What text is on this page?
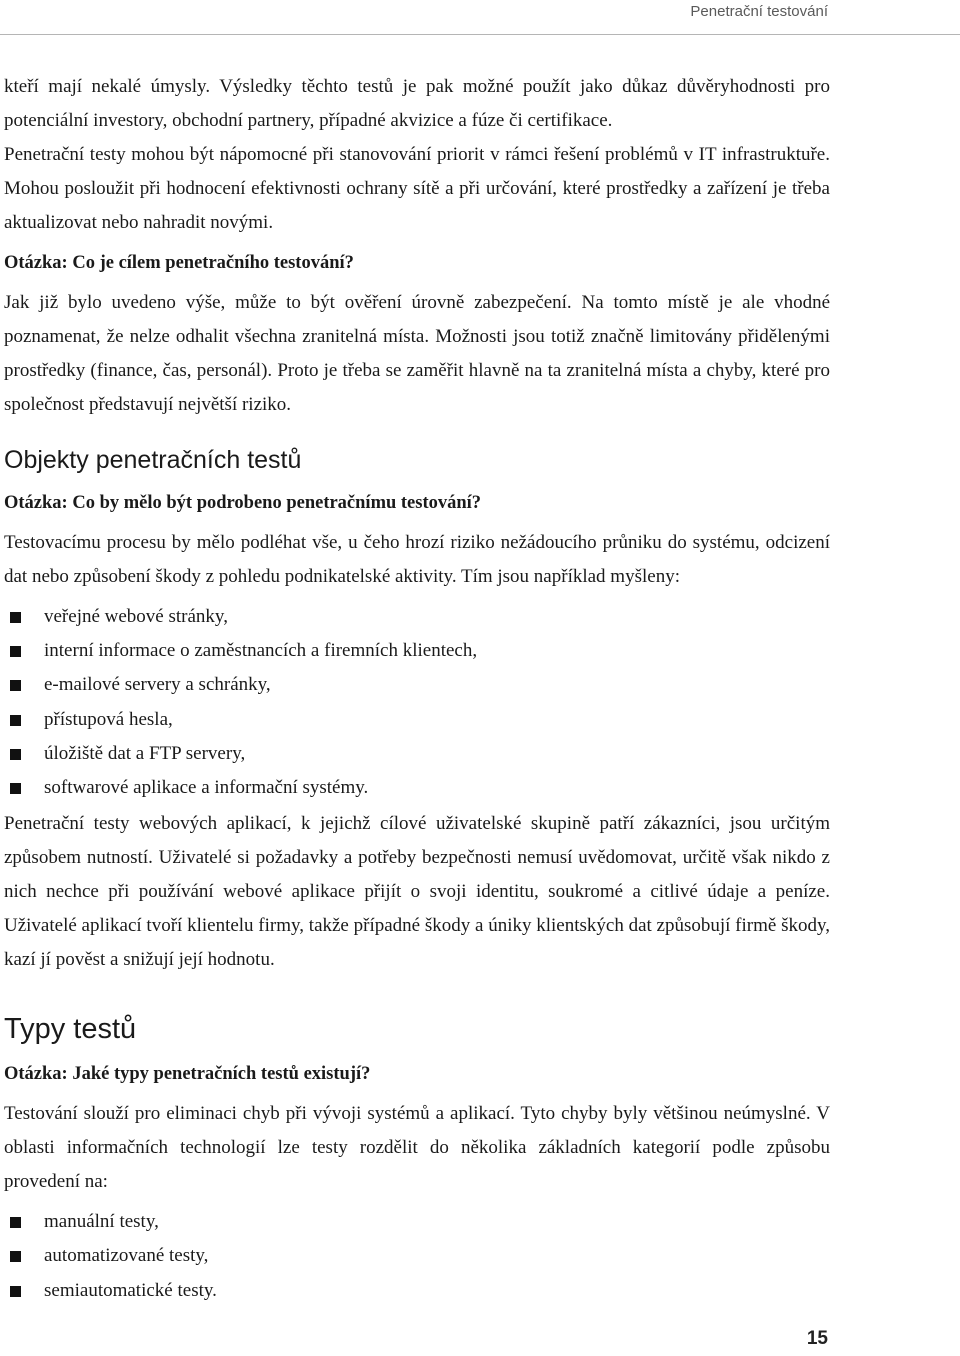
Penetrační testování

kteří mají nekalé úmysly. Výsledky těchto testů je pak možné použít jako důkaz důvěryhodnosti pro potenciální investory, obchodní partnery, případné akvizice a fúze či certifikace.

Penetrační testy mohou být nápomocné při stanovování priorit v rámci řešení problémů v IT infrastruktuře. Mohou posloužit při hodnocení efektivnosti ochrany sítě a při určování, které prostředky a zařízení je třeba aktualizovat nebo nahradit novými.

Otázka: Co je cílem penetračního testování?

Jak již bylo uvedeno výše, může to být ověření úrovně zabezpečení. Na tomto místě je ale vhodné poznamenat, že nelze odhalit všechna zranitelná místa. Možnosti jsou totiž značně limitovány přidělenými prostředky (finance, čas, personál). Proto je třeba se zaměřit hlavně na ta zranitelná místa a chyby, které pro společnost představují největší riziko.

Objekty penetračních testů
Otázka: Co by mělo být podrobeno penetračnímu testování?

Testovacímu procesu by mělo podléhat vše, u čeho hrozí riziko nežádoucího průniku do systému, odcizení dat nebo způsobení škody z pohledu podnikatelské aktivity. Tím jsou například myšleny:

veřejné webové stránky,
interní informace o zaměstnancích a firemních klientech,
e-mailové servery a schránky,
přístupová hesla,
úložiště dat a FTP servery,
softwarové aplikace a informační systémy.

Penetrační testy webových aplikací, k jejichž cílové uživatelské skupině patří zákazníci, jsou určitým způsobem nutností. Uživatelé si požadavky a potřeby bezpečnosti nemusí uvědomovat, určitě však nikdo z nich nechce při používání webové aplikace přijít o svoji identitu, soukromé a citlivé údaje a peníze. Uživatelé aplikací tvoří klientelu firmy, takže případné škody a úniky klientských dat způsobují firmě škody, kazí jí pověst a snižují její hodnotu.

Typy testů
Otázka: Jaké typy penetračních testů existují?

Testování slouží pro eliminaci chyb při vývoji systémů a aplikací. Tyto chyby byly většinou neúmyslné. V oblasti informačních technologií lze testy rozdělit do několika základních kategorií podle způsobu provedení na:

manuální testy,
automatizované testy,
semiautomatické testy.
15
